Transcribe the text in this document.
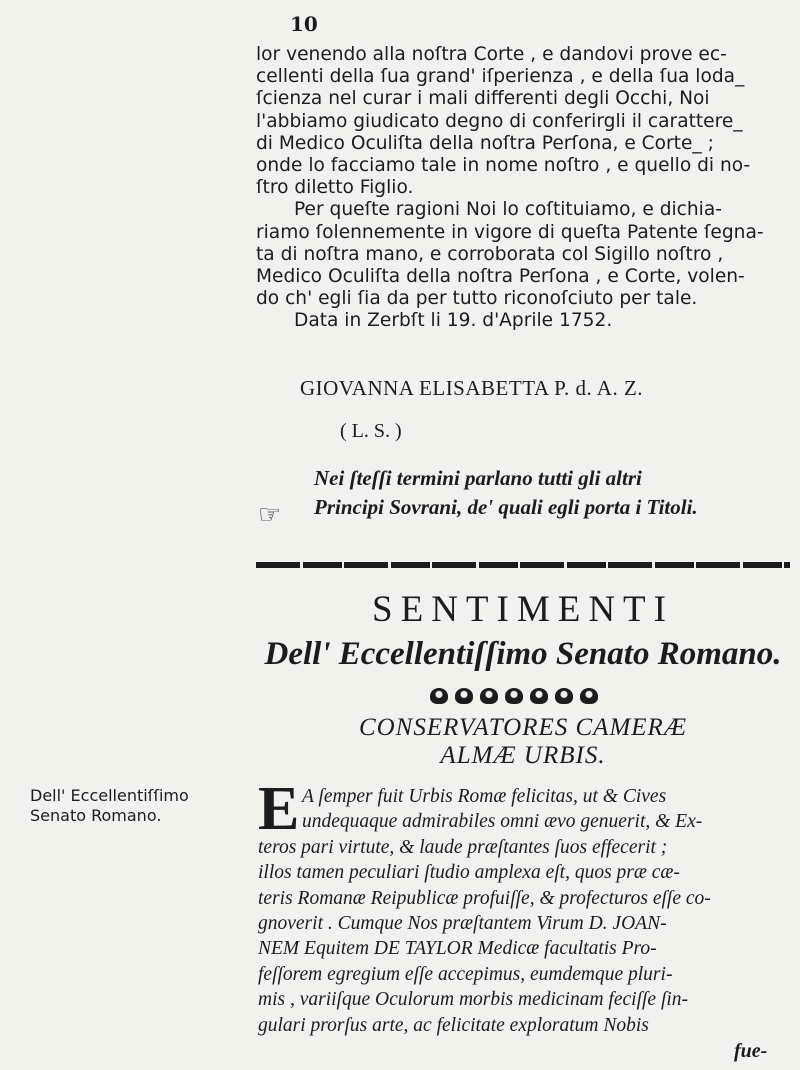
10
lor venendo alla noſtra Corte , e dandovi prove ec-
cellenti della ſua grand' iſperienza , e della ſua loda_
ſcienza nel curar i mali differenti degli Occhi, Noi
l'abbiamo giudicato degno di conferirgli il carattere_
di Medico Oculiſta della noſtra Perſona, e Corte_ ;
onde lo facciamo tale in nome noſtro , e quello di no-
ſtro diletto Figlio.
Per queſte ragioni Noi lo coſtituiamo, e dichia-
riamo ſolennemente in vigore di queſta Patente ſegna-
ta di noſtra mano, e corroborata col Sigillo noſtro ,
Medico Oculiſta della noſtra Perſona , e Corte, volen-
do ch' egli ſia da per tutto riconoſciuto per tale.
Data in Zerbſt li 19. d'Aprile 1752.
GIOVANNA ELISABETTA P. d. A. Z.
( L. S. )
☞
Nei ſteſſi termini parlano tutti gli altri
Principi Sovrani, de' quali egli porta i Titoli.
SENTIMENTI
Dell' Eccellentiſſimo Senato Romano.
CONSERVATORES CAMERÆ
ALMÆ URBIS.
Dell' Eccellentiſſimo
Senato Romano.	E A ſemper fuit Urbis Romæ felicitas, ut & Cives
undequaque admirabiles omni ævo genuerit, & Ex-
teros pari virtute, & laude præſtantes ſuos effecerit ;
illos tamen peculiari ſtudio amplexa eſt, quos præ cæ-
teris Romanæ Reipublicæ profuiſſe, & profecturos eſſe co-
gnoverit . Cumque Nos præſtantem Virum D. JOAN-
NEM Equitem DE TAYLOR Medicæ facultatis Pro-
feſſorem egregium eſſe accepimus, eumdemque pluri-
mis , variiſque Oculorum morbis medicinam feciſſe ſin-
gulari prorſus arte, ac felicitate exploratum Nobis
fue-
